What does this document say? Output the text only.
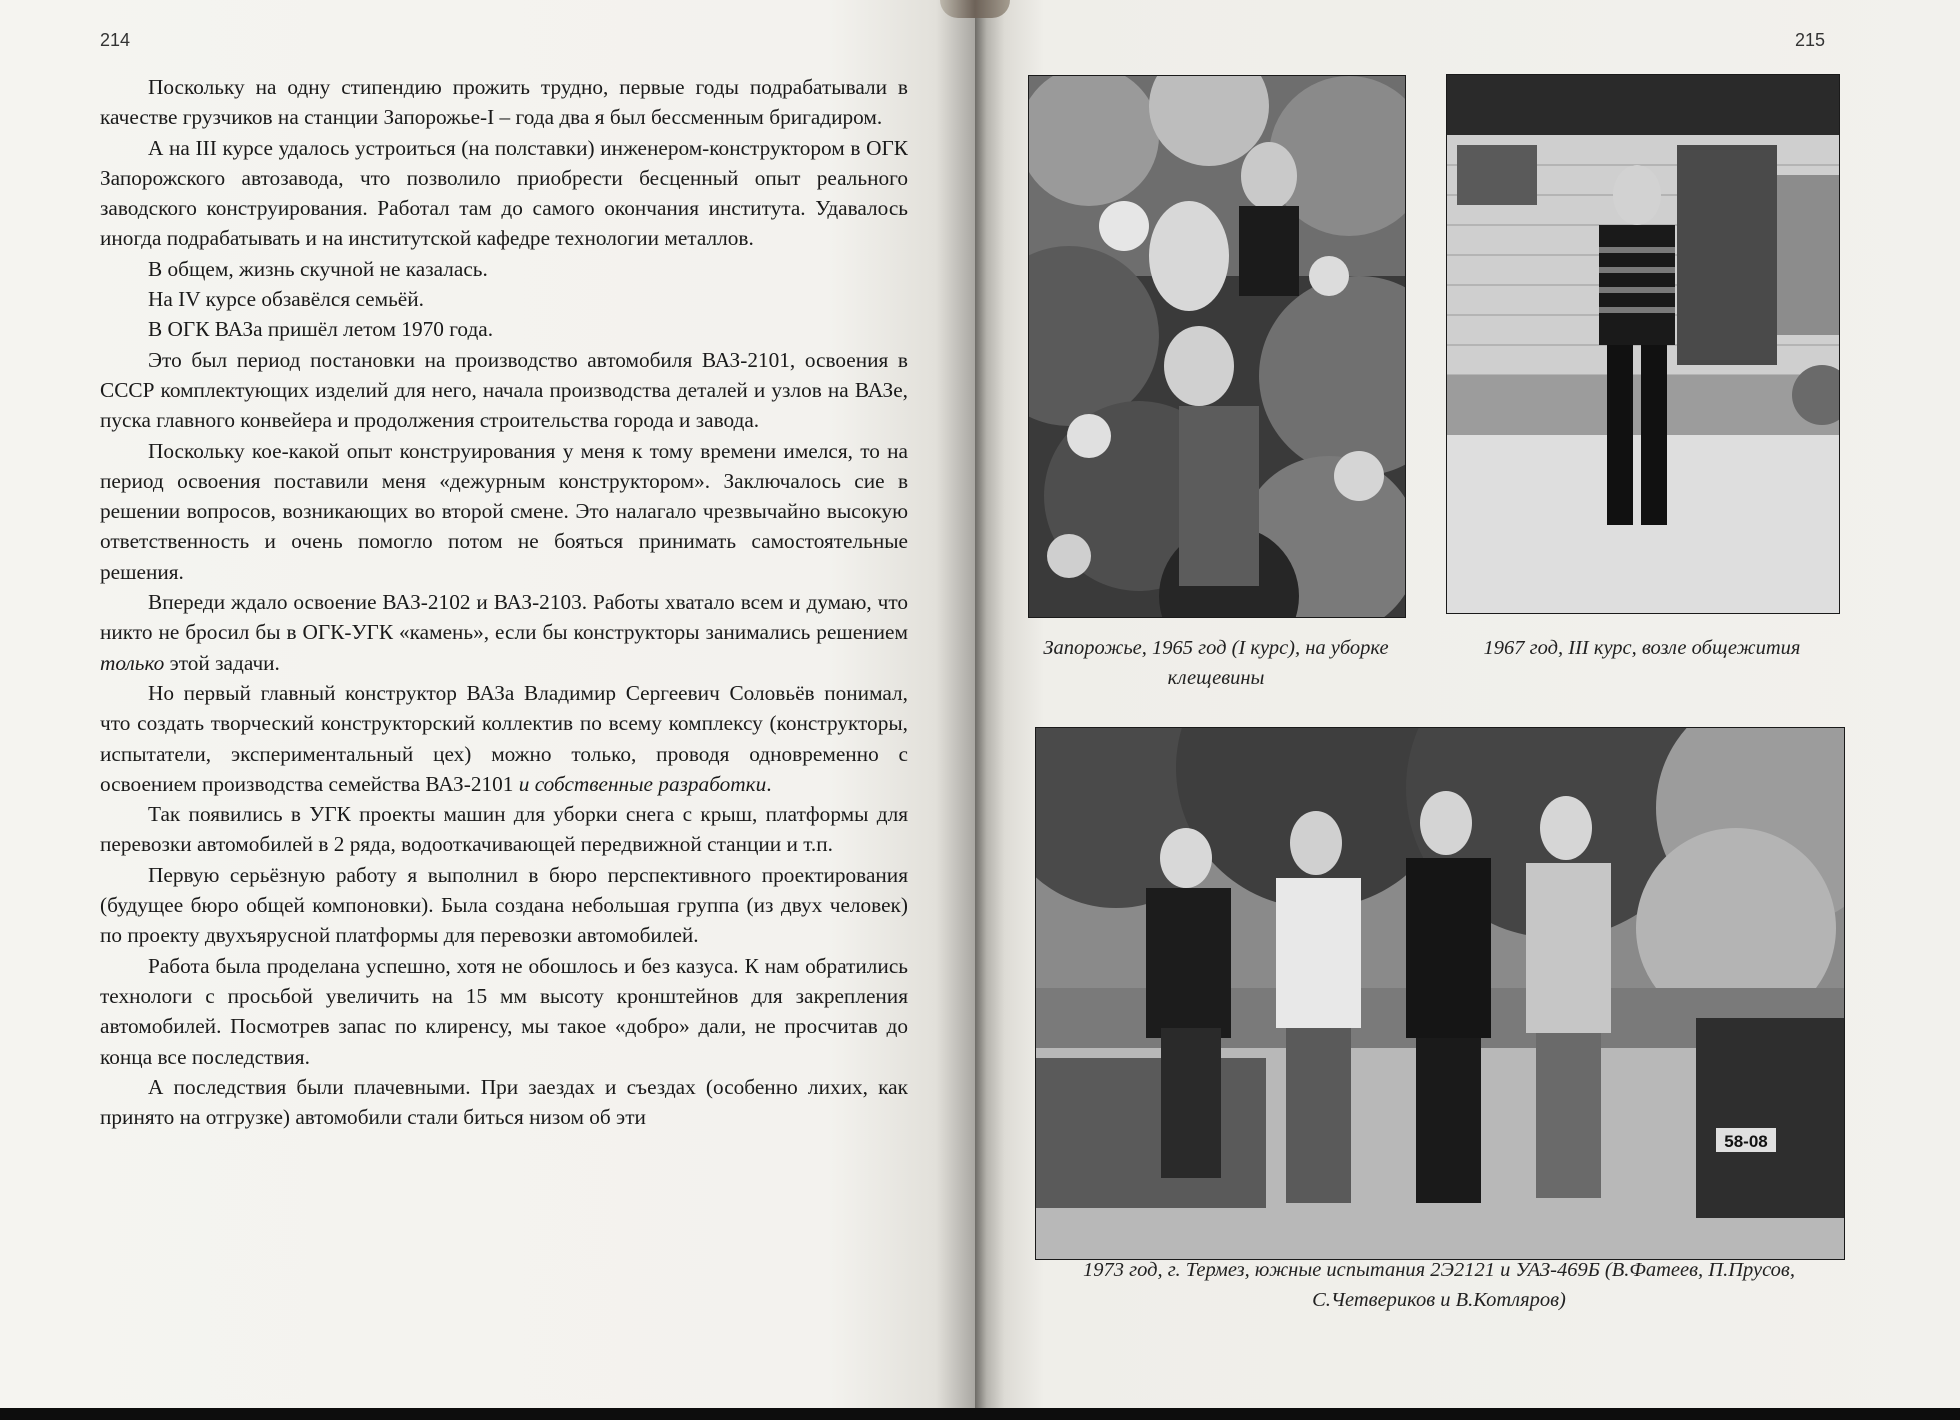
214

Поскольку на одну стипендию прожить трудно, первые годы подрабатывали в качестве грузчиков на станции Запорожье-I – года два я был бессменным бригадиром.

А на III курсе удалось устроиться (на полставки) инженером-конструктором в ОГК Запорожского автозавода, что позволило приобрести бесценный опыт реального заводского конструирования. Работал там до самого окончания института. Удавалось иногда подрабатывать и на институтской кафедре технологии металлов.

В общем, жизнь скучной не казалась.

На IV курсе обзавёлся семьёй.

В ОГК ВАЗа пришёл летом 1970 года.

Это был период постановки на производство автомобиля ВАЗ-2101, освоения в СССР комплектующих изделий для него, начала производства деталей и узлов на ВАЗе, пуска главного конвейера и продолжения строительства города и завода.

Поскольку кое-какой опыт конструирования у меня к тому времени имелся, то на период освоения поставили меня «дежурным конструктором». Заключалось сие в решении вопросов, возникающих во второй смене. Это налагало чрезвычайно высокую ответственность и очень помогло потом не бояться принимать самостоятельные решения.

Впереди ждало освоение ВАЗ-2102 и ВАЗ-2103. Работы хватало всем и думаю, что никто не бросил бы в ОГК-УГК «камень», если бы конструкторы занимались решением только этой задачи.

Но первый главный конструктор ВАЗа Владимир Сергеевич Соловьёв понимал, что создать творческий конструкторский коллектив по всему комплексу (конструкторы, испытатели, экспериментальный цех) можно только, проводя одновременно с освоением производства семейства ВАЗ-2101 и собственные разработки.

Так появились в УГК проекты машин для уборки снега с крыш, платформы для перевозки автомобилей в 2 ряда, водооткачивающей передвижной станции и т.п.

Первую серьёзную работу я выполнил в бюро перспективного проектирования (будущее бюро общей компоновки). Была создана небольшая группа (из двух человек) по проекту двухъярусной платформы для перевозки автомобилей.

Работа была проделана успешно, хотя не обошлось и без казуса. К нам обратились технологи с просьбой увеличить на 15 мм высоту кронштейнов для закрепления автомобилей. Посмотрев запас по клиренсу, мы такое «добро» дали, не просчитав до конца все последствия.

А последствия были плачевными. При заездах и съездах (особенно лихих, как принято на отгрузке) автомобили стали биться низом об эти

215
Запорожье, 1965 год (I курс), на уборке клещевины
1967 год, III курс, возле общежития
58-08
1973 год, г. Термез, южные испытания 2Э2121 и УАЗ-469Б (В.Фатеев, П.Прусов, С.Четвериков и В.Котляров)
